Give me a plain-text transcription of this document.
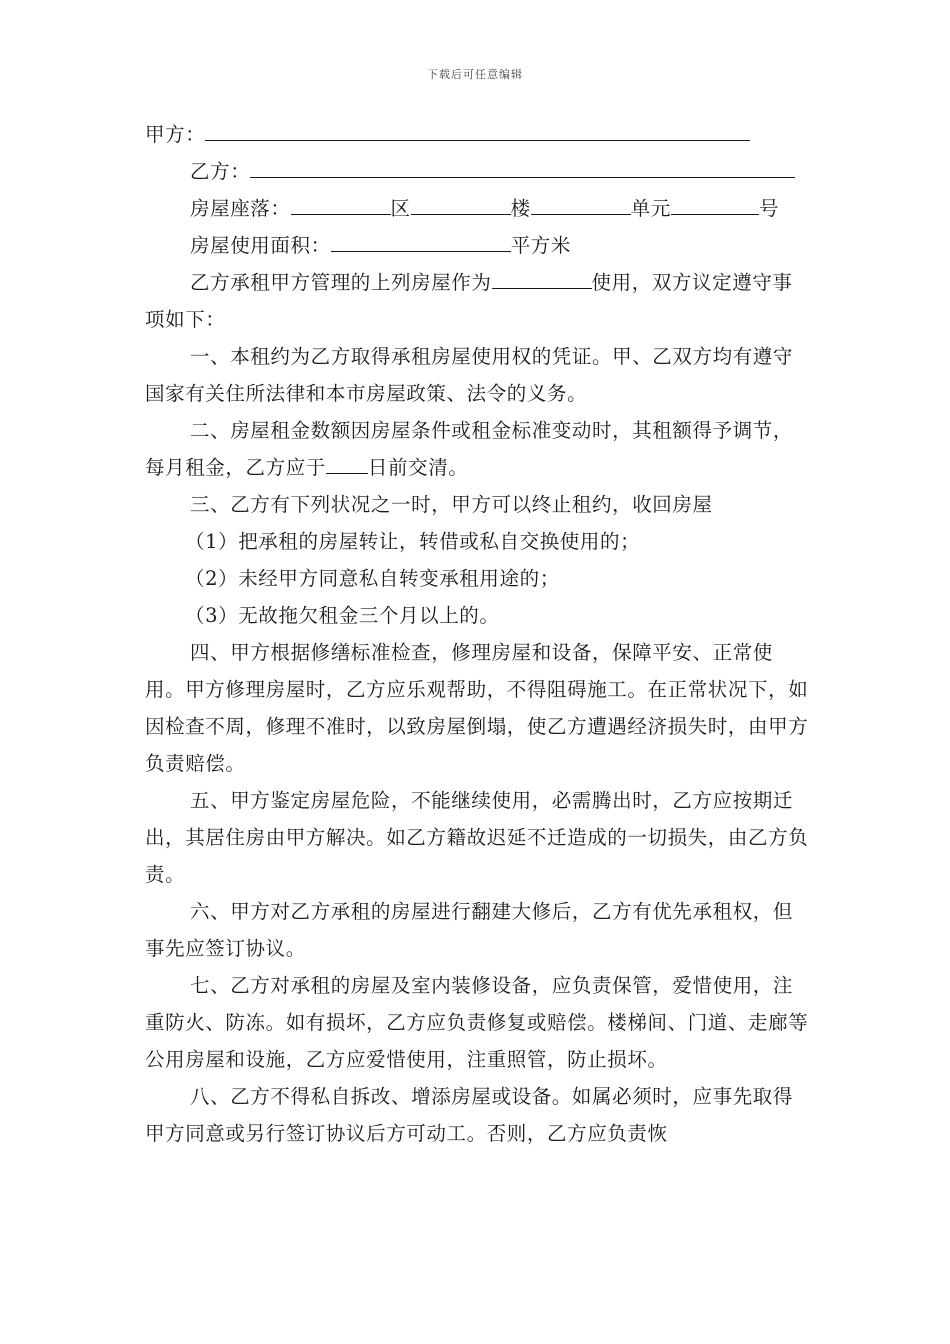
下载后可任意编辑
甲方：
乙方：
房屋座落：	区	楼	单元	号
房屋使用面积：	平方米

乙方承租甲方管理的上列房屋作为	使用，双方议定遵守事项如下：

一、本租约为乙方取得承租房屋使用权的凭证。甲、乙双方均有遵守国家有关住所法律和本市房屋政策、法令的义务。

二、房屋租金数额因房屋条件或租金标准变动时，其租额得予调节，每月租金，乙方应于 日前交清。

三、乙方有下列状况之一时，甲方可以终止租约，收回房屋

（1）把承租的房屋转让，转借或私自交换使用的；
（2）未经甲方同意私自转变承租用途的；
（3）无故拖欠租金三个月以上的。

四、甲方根据修缮标准检查，修理房屋和设备，保障平安、正常使用。甲方修理房屋时，乙方应乐观帮助，不得阻碍施工。在正常状况下，如因检查不周，修理不准时，以致房屋倒塌，使乙方遭遇经济损失时，由甲方负责赔偿。

五、甲方鉴定房屋危险，不能继续使用，必需腾出时，乙方应按期迁出，其居住房由甲方解决。如乙方籍故迟延不迁造成的一切损失，由乙方负责。

六、甲方对乙方承租的房屋进行翻建大修后，乙方有优先承租权，但事先应签订协议。

七、乙方对承租的房屋及室内装修设备，应负责保管，爱惜使用，注重防火、防冻。如有损坏，乙方应负责修复或赔偿。楼梯间、门道、走廊等公用房屋和设施，乙方应爱惜使用，注重照管，防止损坏。

八、乙方不得私自拆改、增添房屋或设备。如属必须时，应事先取得甲方同意或另行签订协议后方可动工。否则，乙方应负责恢
